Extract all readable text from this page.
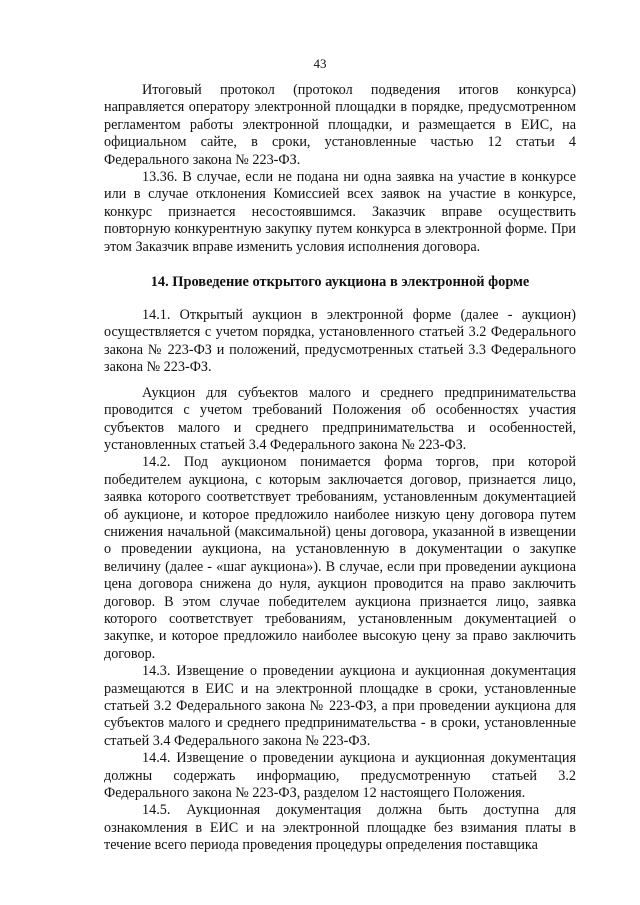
43

Итоговый протокол (протокол подведения итогов конкурса) направляется оператору электронной площадки в порядке, предусмотренном регламентом работы электронной площадки, и размещается в ЕИС, на официальном сайте, в сроки, установленные частью 12 статьи 4 Федерального закона № 223-ФЗ.

13.36. В случае, если не подана ни одна заявка на участие в конкурсе или в случае отклонения Комиссией всех заявок на участие в конкурсе, конкурс признается несостоявшимся. Заказчик вправе осуществить повторную конкурентную закупку путем конкурса в электронной форме. При этом Заказчик вправе изменить условия исполнения договора.

14. Проведение открытого аукциона в электронной форме

14.1. Открытый аукцион в электронной форме (далее - аукцион) осуществляется с учетом порядка, установленного статьей 3.2 Федерального закона № 223-ФЗ и положений, предусмотренных статьей 3.3 Федерального закона № 223-ФЗ.

Аукцион для субъектов малого и среднего предпринимательства проводится с учетом требований Положения об особенностях участия субъектов малого и среднего предпринимательства и особенностей, установленных статьей 3.4 Федерального закона № 223-ФЗ.

14.2. Под аукционом понимается форма торгов, при которой победителем аукциона, с которым заключается договор, признается лицо, заявка которого соответствует требованиям, установленным документацией об аукционе, и которое предложило наиболее низкую цену договора путем снижения начальной (максимальной) цены договора, указанной в извещении о проведении аукциона, на установленную в документации о закупке величину (далее - «шаг аукциона»). В случае, если при проведении аукциона цена договора снижена до нуля, аукцион проводится на право заключить договор. В этом случае победителем аукциона признается лицо, заявка которого соответствует требованиям, установленным документацией о закупке, и которое предложило наиболее высокую цену за право заключить договор.

14.3. Извещение о проведении аукциона и аукционная документация размещаются в ЕИС и на электронной площадке в сроки, установленные статьей 3.2 Федерального закона № 223-ФЗ, а при проведении аукциона для субъектов малого и среднего предпринимательства - в сроки, установленные статьей 3.4 Федерального закона № 223-ФЗ.

14.4. Извещение о проведении аукциона и аукционная документация должны содержать информацию, предусмотренную статьей 3.2 Федерального закона № 223-ФЗ, разделом 12 настоящего Положения.

14.5. Аукционная документация должна быть доступна для ознакомления в ЕИС и на электронной площадке без взимания платы в течение всего периода проведения процедуры определения поставщика
